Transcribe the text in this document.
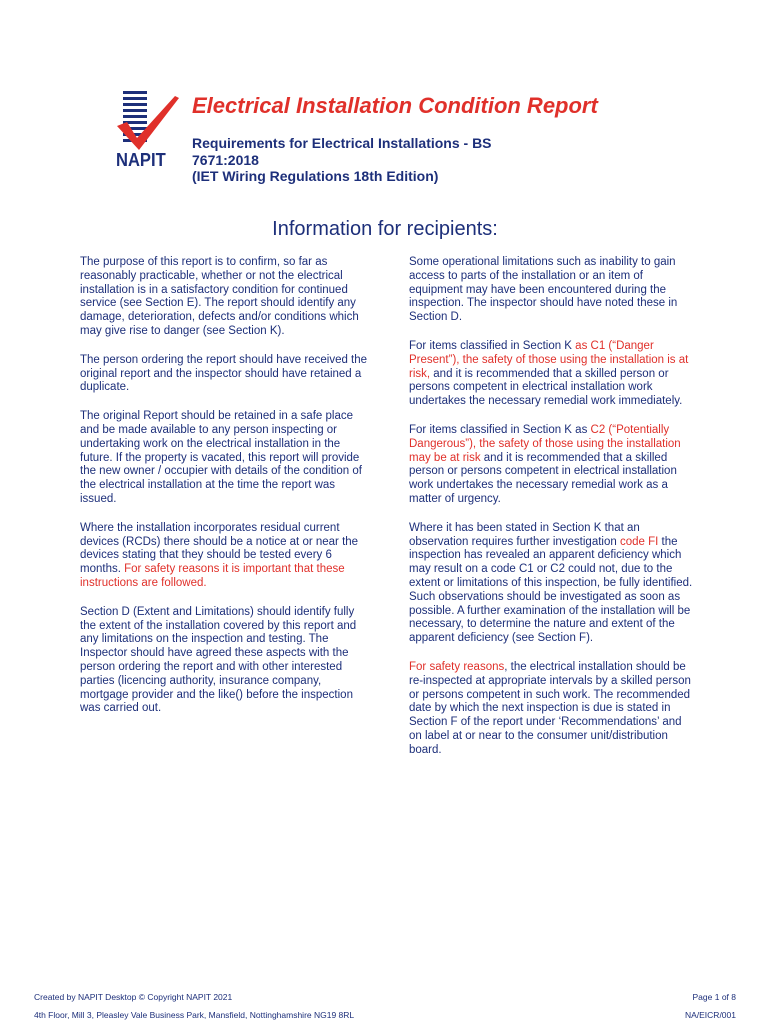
NAPIT
Electrical Installation Condition Report
Requirements for Electrical Installations - BS
7671:2018
(IET Wiring Regulations 18th Edition)
Information for recipients:

The purpose of this report is to confirm, so far as reasonably practicable, whether or not the electrical installation is in a satisfactory condition for continued service (see Section E). The report should identify any damage, deterioration, defects and/or conditions which may give rise to danger (see Section K).

The person ordering the report should have received the original report and the inspector should have retained a duplicate.

The original Report should be retained in a safe place and be made available to any person inspecting or undertaking work on the electrical installation in the future. If the property is vacated, this report will provide the new owner / occupier with details of the condition of the electrical installation at the time the report was issued.

Where the installation incorporates residual current devices (RCDs) there should be a notice at or near the devices stating that they should be tested every 6 months. For safety reasons it is important that these instructions are followed.

Section D (Extent and Limitations) should identify fully the extent of the installation covered by this report and any limitations on the inspection and testing. The Inspector should have agreed these aspects with the person ordering the report and with other interested parties (licencing authority, insurance company, mortgage provider and the like() before the inspection was carried out.

Some operational limitations such as inability to gain access to parts of the installation or an item of equipment may have been encountered during the inspection. The inspector should have noted these in Section D.

For items classified in Section K as C1 (“Danger Present”), the safety of those using the installation is at risk, and it is recommended that a skilled person or persons competent in electrical installation work undertakes the necessary remedial work immediately.

For items classified in Section K as C2 (“Potentially Dangerous”), the safety of those using the installation may be at risk and it is recommended that a skilled person or persons competent in electrical installation work undertakes the necessary remedial work as a matter of urgency.

Where it has been stated in Section K that an observation requires further investigation code FI the inspection has revealed an apparent deficiency which may result on a code C1 or C2 could not, due to the extent or limitations of this inspection, be fully identified. Such observations should be investigated as soon as possible. A further examination of the installation will be necessary, to determine the nature and extent of the apparent deficiency (see Section F).

For safety reasons, the electrical installation should be re-inspected at appropriate intervals by a skilled person or persons competent in such work. The recommended date by which the next inspection is due is stated in Section F of the report under ‘Recommendations’ and on label at or near to the consumer unit/distribution board.

Created by NAPIT Desktop © Copyright NAPIT 2021
4th Floor, Mill 3, Pleasley Vale Business Park, Mansfield, Nottinghamshire NG19 8RL
Page 1 of 8
NA/EICR/001
